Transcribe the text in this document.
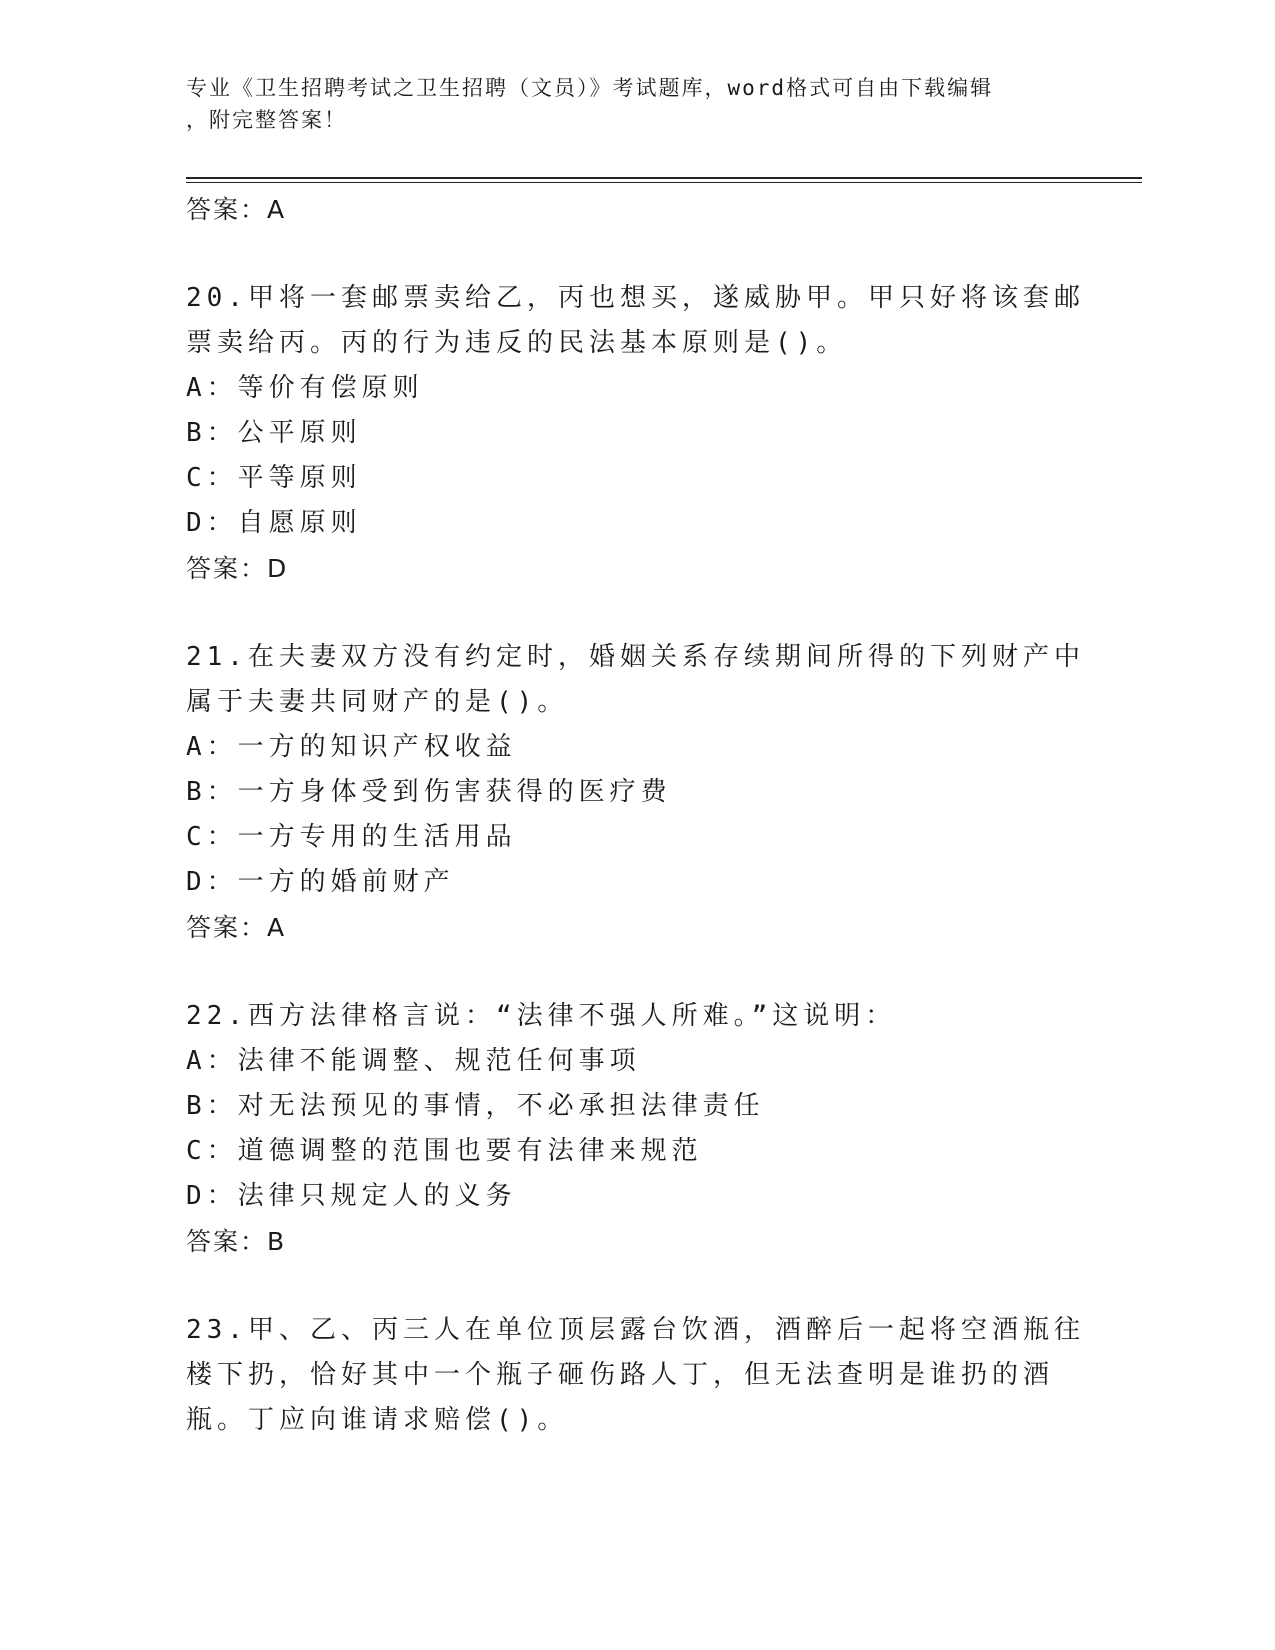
专业《卫生招聘考试之卫生招聘（文员）》考试题库，word格式可自由下载编辑
，附完整答案！
答案：A
20.甲将一套邮票卖给乙，丙也想买，遂威胁甲。甲只好将该套邮票卖给丙。丙的行为违反的民法基本原则是()。
A：等价有偿原则
B：公平原则
C：平等原则
D：自愿原则
答案：D
21.在夫妻双方没有约定时，婚姻关系存续期间所得的下列财产中属于夫妻共同财产的是()。
A：一方的知识产权收益
B：一方身体受到伤害获得的医疗费
C：一方专用的生活用品
D：一方的婚前财产
答案：A
22.西方法律格言说：“法律不强人所难。”这说明：
A：法律不能调整、规范任何事项
B：对无法预见的事情，不必承担法律责任
C：道德调整的范围也要有法律来规范
D：法律只规定人的义务
答案：B
23.甲、乙、丙三人在单位顶层露台饮酒，酒醉后一起将空酒瓶往楼下扔，恰好其中一个瓶子砸伤路人丁，但无法查明是谁扔的酒瓶。丁应向谁请求赔偿()。
